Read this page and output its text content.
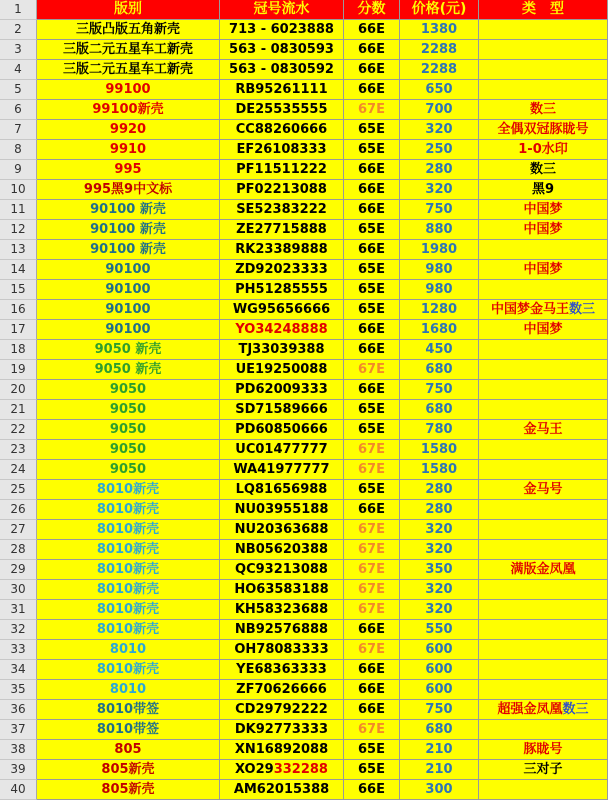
1	版别	冠号流水	分数	价格(元)	类　型
2	三版凸版五角新壳	713 - 6023888	66E	1380
3	三版二元五星车工新壳	563 - 0830593	66E	2288
4	三版二元五星车工新壳	563 - 0830592	66E	2288
5	99100	RB95261111	66E	650
6	99100新壳	DE25535555	67E	700	数三
7	9920	CC88260666	65E	320	全偶双冠豚眬号
8	9910	EF26108333	65E	250	1-0水印
9	995	PF11511222	66E	280	数三
10	995黑9中文标	PF02213088	66E	320	黑9
11	90100 新壳	SE52383222	66E	750	中国梦
12	90100 新壳	ZE27715888	65E	880	中国梦
13	90100 新壳	RK23389888	66E	1980
14	90100	ZD92023333	65E	980	中国梦
15	90100	PH51285555	65E	980
16	90100	WG95656666	65E	1280	中国梦金马王数三
17	90100	YO34248888	66E	1680	中国梦
18	9050 新壳	TJ33039388	66E	450
19	9050 新壳	UE19250088	67E	680
20	9050	PD62009333	66E	750
21	9050	SD71589666	65E	680
22	9050	PD60850666	65E	780	金马王
23	9050	UC01477777	67E	1580
24	9050	WA41977777	67E	1580
25	8010新壳	LQ81656988	65E	280	金马号
26	8010新壳	NU03955188	66E	280
27	8010新壳	NU20363688	67E	320
28	8010新壳	NB05620388	67E	320
29	8010新壳	QC93213088	67E	350	满版金凤凰
30	8010新壳	HO63583188	67E	320
31	8010新壳	KH58323688	67E	320
32	8010新壳	NB92576888	66E	550
33	8010	OH78083333	67E	600
34	8010新壳	YE68363333	66E	600
35	8010	ZF70626666	66E	600
36	8010带签	CD29792222	66E	750	超强金凤凰数三
37	8010带签	DK92773333	67E	680
38	805	XN16892088	65E	210	豚眬号
39	805新壳	XO29332288	65E	210	三对子
40	805新壳	AM62015388	66E	300
